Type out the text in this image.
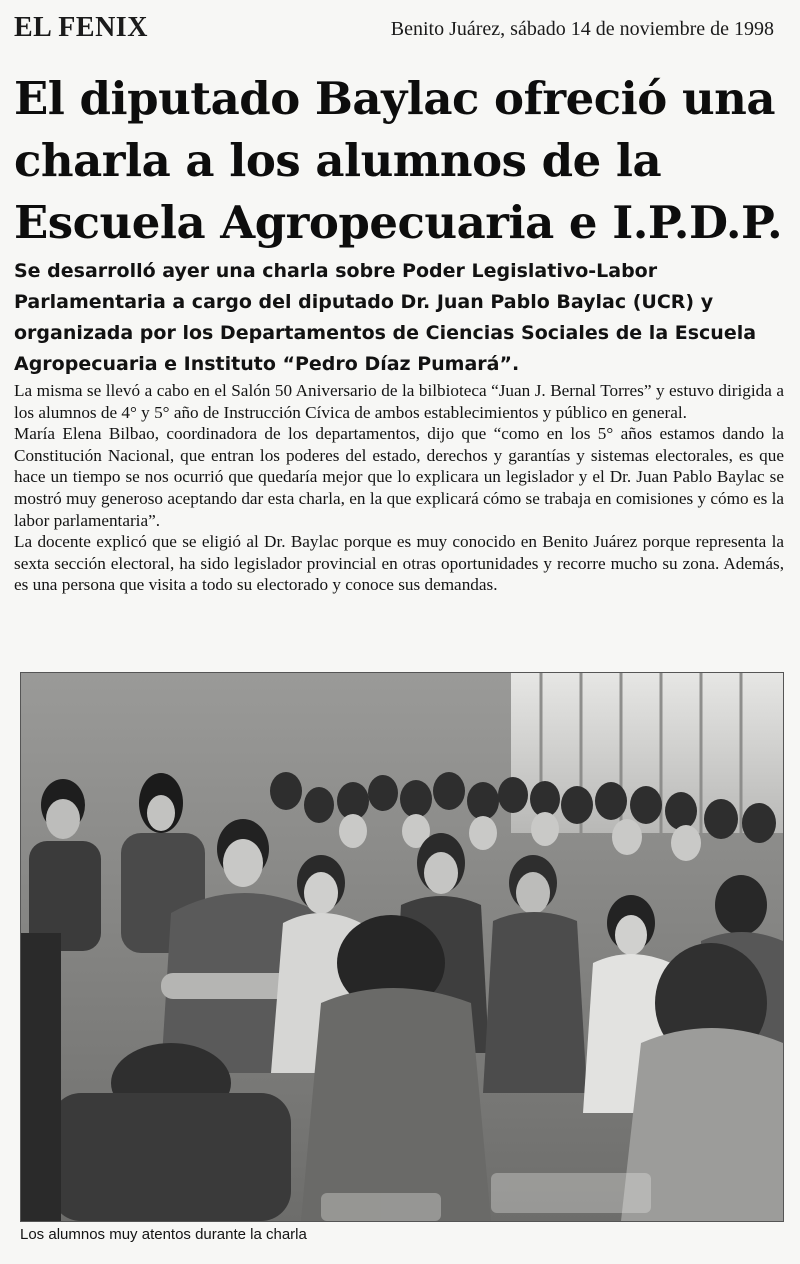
EL FENIX	Benito Juárez, sábado 14 de noviembre de 1998
El diputado Baylac ofreció una charla a los alumnos de la Escuela Agropecuaria e I.P.D.P.

Se desarrolló ayer una charla sobre Poder Legislativo-Labor Parlamentaria a cargo del diputado Dr. Juan Pablo Baylac (UCR) y organizada por los Departamentos de Ciencias Sociales de la Escuela Agropecuaria e Instituto “Pedro Díaz Pumará”.

La misma se llevó a cabo en el Salón 50 Aniversario de la bilbioteca “Juan J. Bernal Torres” y estuvo dirigida a los alumnos de 4° y 5° año de Instrucción Cívica de ambos establecimientos y público en general.

María Elena Bilbao, coordinadora de los departamentos, dijo que “como en los 5° años estamos dando la Constitución Nacional, que entran los poderes del estado, derechos y garantías y sistemas electorales, es que hace un tiempo se nos ocurrió que quedaría mejor que lo explicara un legislador y el Dr. Juan Pablo Baylac se mostró muy generoso aceptando dar esta charla, en la que explicará cómo se trabaja en comisiones y cómo es la labor parlamentaria”.

La docente explicó que se eligió al Dr. Baylac porque es muy conocido en Benito Juárez porque representa la sexta sección electoral, ha sido legislador provincial en otras oportunidades y recorre mucho su zona. Además, es una persona que visita a todo su electorado y conoce sus demandas.

Los alumnos muy atentos durante la charla
